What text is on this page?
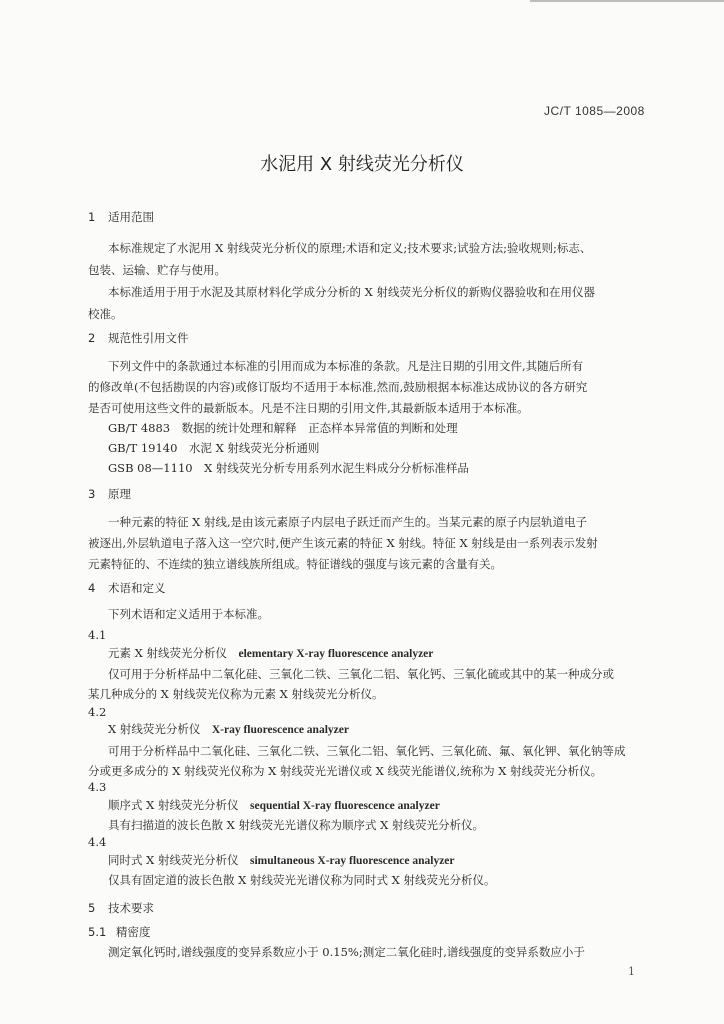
JC/T 1085—2008
水泥用 X 射线荧光分析仪
1 适用范围
本标准规定了水泥用 X 射线荧光分析仪的原理;术语和定义;技术要求;试验方法;验收规则;标志、
包装、运输、贮存与使用。
本标准适用于用于水泥及其原材料化学成分分析的 X 射线荧光分析仪的新购仪器验收和在用仪器
校准。
2 规范性引用文件
下列文件中的条款通过本标准的引用而成为本标准的条款。凡是注日期的引用文件,其随后所有
的修改单(不包括勘误的内容)或修订版均不适用于本标准,然而,鼓励根据本标准达成协议的各方研究
是否可使用这些文件的最新版本。凡是不注日期的引用文件,其最新版本适用于本标准。
GB/T 4883　数据的统计处理和解释　正态样本异常值的判断和处理
GB/T 19140　水泥 X 射线荧光分析通则
GSB 08—1110　X 射线荧光分析专用系列水泥生料成分分析标准样品
3 原理
一种元素的特征 X 射线,是由该元素原子内层电子跃迁而产生的。当某元素的原子内层轨道电子
被逐出,外层轨道电子落入这一空穴时,便产生该元素的特征 X 射线。特征 X 射线是由一系列表示发射
元素特征的、不连续的独立谱线族所组成。特征谱线的强度与该元素的含量有关。
4 术语和定义
下列术语和定义适用于本标准。
4.1
元素 X 射线荧光分析仪　 elementary X-ray fluorescence analyzer
仅可用于分析样品中二氧化硅、三氧化二铁、三氧化二铝、氧化钙、三氧化硫或其中的某一种成分或
某几种成分的 X 射线荧光仪称为元素 X 射线荧光分析仪。
4.2
X 射线荧光分析仪　 X-ray fluorescence analyzer
可用于分析样品中二氧化硅、三氧化二铁、三氧化二铝、氧化钙、三氧化硫、氟、氧化钾、氧化钠等成
分或更多成分的 X 射线荧光仪称为 X 射线荧光光谱仪或 X 线荧光能谱仪,统称为 X 射线荧光分析仪。
4.3
顺序式 X 射线荧光分析仪　 sequential X-ray fluorescence analyzer
具有扫描道的波长色散 X 射线荧光光谱仪称为顺序式 X 射线荧光分析仪。
4.4
同时式 X 射线荧光分析仪　 simultaneous X-ray fluorescence analyzer
仅具有固定道的波长色散 X 射线荧光光谱仪称为同时式 X 射线荧光分析仪。
5 技术要求
5.1 精密度
测定氧化钙时,谱线强度的变异系数应小于 0.15%;测定二氧化硅时,谱线强度的变异系数应小于
1
